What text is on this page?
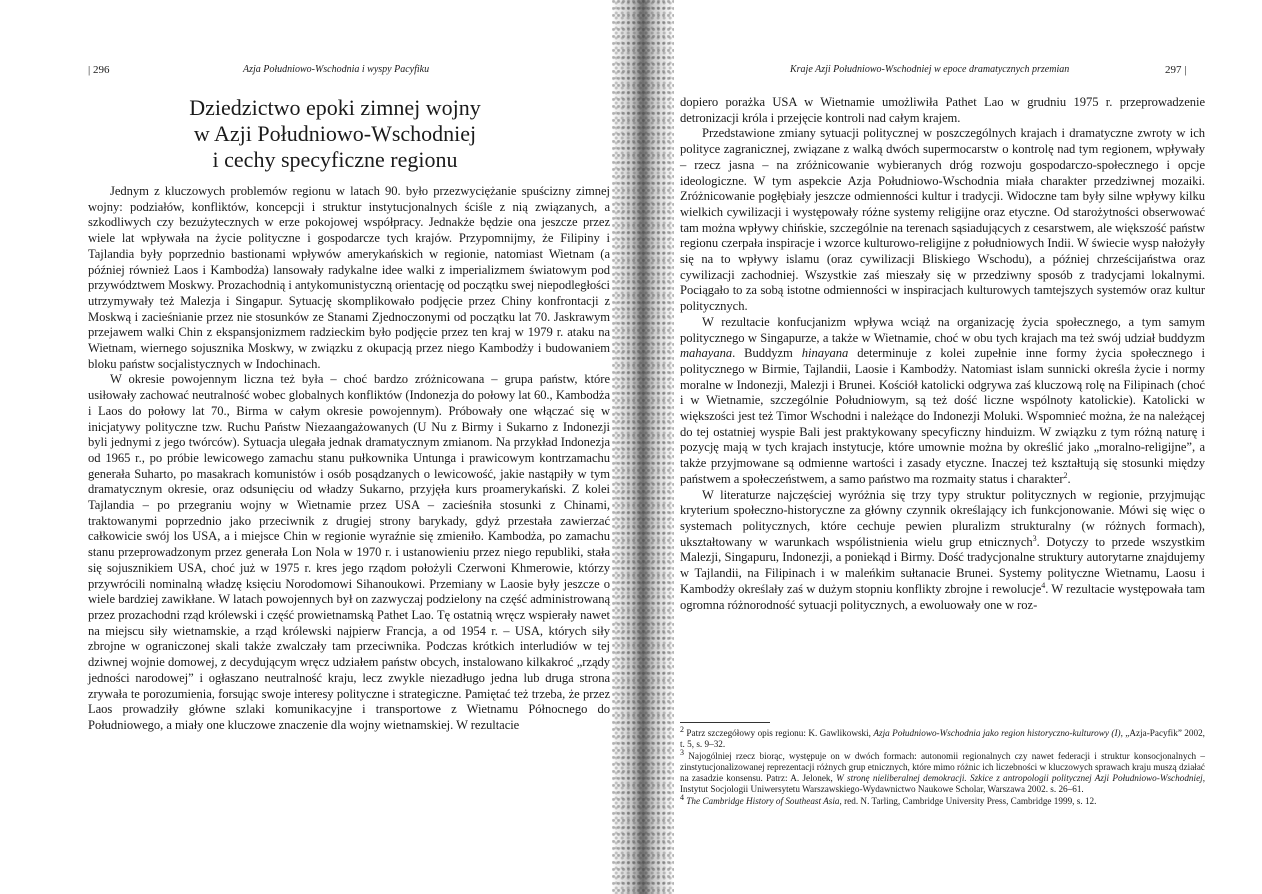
| 296	Azja Południowo-Wschodnia i wyspy Pacyfiku
Dziedzictwo epoki zimnej wojny
w Azji Południowo-Wschodniej
i cechy specyficzne regionu

Jednym z kluczowych problemów regionu w latach 90. było przezwyciężanie spuścizny zimnej wojny: podziałów, konfliktów, koncepcji i struktur instytucjonalnych ściśle z nią związanych, a szkodliwych czy bezużytecznych w erze pokojowej współpracy. Jednakże będzie ona jeszcze przez wiele lat wpływała na życie polityczne i gospodarcze tych krajów. Przypomnijmy, że Filipiny i Tajlandia były poprzednio bastionami wpływów amerykańskich w regionie, natomiast Wietnam (a później również Laos i Kambodża) lansowały radykalne idee walki z imperializmem światowym pod przywództwem Moskwy. Prozachodnią i antykomunistyczną orientację od początku swej niepodległości utrzymywały też Malezja i Singapur. Sytuację skomplikowało podjęcie przez Chiny konfrontacji z Moskwą i zacieśnianie przez nie stosunków ze Stanami Zjednoczonymi od początku lat 70. Jaskrawym przejawem walki Chin z ekspansjonizmem radzieckim było podjęcie przez ten kraj w 1979 r. ataku na Wietnam, wiernego sojusznika Moskwy, w związku z okupacją przez niego Kambodży i budowaniem bloku państw socjalistycznych w Indochinach.

W okresie powojennym liczna też była – choć bardzo zróżnicowana – grupa państw, które usiłowały zachować neutralność wobec globalnych konfliktów (Indonezja do połowy lat 60., Kambodża i Laos do połowy lat 70., Birma w całym okresie powojennym). Próbowały one włączać się w inicjatywy polityczne tzw. Ruchu Państw Niezaangażowanych (U Nu z Birmy i Sukarno z Indonezji byli jednymi z jego twórców). Sytuacja ulegała jednak dramatycznym zmianom. Na przykład Indonezja od 1965 r., po próbie lewicowego zamachu stanu pułkownika Untunga i prawicowym kontrzamachu generała Suharto, po masakrach komunistów i osób posądzanych o lewicowość, jakie nastąpiły w tym dramatycznym okresie, oraz odsunięciu od władzy Sukarno, przyjęła kurs proamerykański. Z kolei Tajlandia – po przegraniu wojny w Wietnamie przez USA – zacieśniła stosunki z Chinami, traktowanymi poprzednio jako przeciwnik z drugiej strony barykady, gdyż przestała zawierzać całkowicie swój los USA, a i miejsce Chin w regionie wyraźnie się zmieniło. Kambodża, po zamachu stanu przeprowadzonym przez generała Lon Nola w 1970 r. i ustanowieniu przez niego republiki, stała się sojusznikiem USA, choć już w 1975 r. kres jego rządom położyli Czerwoni Khmerowie, którzy przywrócili nominalną władzę księciu Norodomowi Sihanoukowi. Przemiany w Laosie były jeszcze o wiele bardziej zawikłane. W latach powojennych był on zazwyczaj podzielony na część administrowaną przez prozachodni rząd królewski i część prowietnamską Pathet Lao. Tę ostatnią wręcz wspierały nawet na miejscu siły wietnamskie, a rząd królewski najpierw Francja, a od 1954 r. – USA, których siły zbrojne w ograniczonej skali także zwalczały tam przeciwnika. Podczas krótkich interludiów w tej dziwnej wojnie domowej, z decydującym wręcz udziałem państw obcych, instalowano kilkakroć „rządy jedności narodowej” i ogłaszano neutralność kraju, lecz zwykle niezadługo jedna lub druga strona zrywała te porozumienia, forsując swoje interesy polityczne i strategiczne. Pamiętać też trzeba, że przez Laos prowadziły główne szlaki komunikacyjne i transportowe z Wietnamu Północnego do Południowego, a miały one kluczowe znaczenie dla wojny wietnamskiej. W rezultacie

Kraje Azji Południowo-Wschodniej w epoce dramatycznych przemian	297 |

dopiero porażka USA w Wietnamie umożliwiła Pathet Lao w grudniu 1975 r. przeprowadzenie detronizacji króla i przejęcie kontroli nad całym krajem.

Przedstawione zmiany sytuacji politycznej w poszczególnych krajach i dramatyczne zwroty w ich polityce zagranicznej, związane z walką dwóch supermocarstw o kontrolę nad tym regionem, wpływały – rzecz jasna – na zróżnicowanie wybieranych dróg rozwoju gospodarczo-społecznego i opcje ideologiczne. W tym aspekcie Azja Południowo-Wschodnia miała charakter przedziwnej mozaiki. Zróżnicowanie pogłębiały jeszcze odmienności kultur i tradycji. Widoczne tam były silne wpływy kilku wielkich cywilizacji i występowały różne systemy religijne oraz etyczne. Od starożytności obserwować tam można wpływy chińskie, szczególnie na terenach sąsiadujących z cesarstwem, ale większość państw regionu czerpała inspiracje i wzorce kulturowo-religijne z południowych Indii. W świecie wysp nałożyły się na to wpływy islamu (oraz cywilizacji Bliskiego Wschodu), a później chrześcijaństwa oraz cywilizacji zachodniej. Wszystkie zaś mieszały się w przedziwny sposób z tradycjami lokalnymi. Pociągało to za sobą istotne odmienności w inspiracjach kulturowych tamtejszych systemów oraz kultur politycznych.

W rezultacie konfucjanizm wpływa wciąż na organizację życia społecznego, a tym samym politycznego w Singapurze, a także w Wietnamie, choć w obu tych krajach ma też swój udział buddyzm mahayana. Buddyzm hinayana determinuje z kolei zupełnie inne formy życia społecznego i politycznego w Birmie, Tajlandii, Laosie i Kambodży. Natomiast islam sunnicki określa życie i normy moralne w Indonezji, Malezji i Brunei. Kościół katolicki odgrywa zaś kluczową rolę na Filipinach (choć i w Wietnamie, szczególnie Południowym, są też dość liczne wspólnoty katolickie). Katolicki w większości jest też Timor Wschodni i należące do Indonezji Moluki. Wspomnieć można, że na należącej do tej ostatniej wyspie Bali jest praktykowany specyficzny hinduizm. W związku z tym różną naturę i pozycję mają w tych krajach instytucje, które umownie można by określić jako „moralno-religijne”, a także przyjmowane są odmienne wartości i zasady etyczne. Inaczej też kształtują się stosunki między państwem a społeczeństwem, a samo państwo ma rozmaity status i charakter$^2$.

W literaturze najczęściej wyróżnia się trzy typy struktur politycznych w regionie, przyjmując kryterium społeczno-historyczne za główny czynnik określający ich funkcjonowanie. Mówi się więc o systemach politycznych, które cechuje pewien pluralizm strukturalny (w różnych formach), ukształtowany w warunkach wspólistnienia wielu grup etnicznych$^3$. Dotyczy to przede wszystkim Malezji, Singapuru, Indonezji, a poniekąd i Birmy. Dość tradycjonalne struktury autorytarne znajdujemy w Tajlandii, na Filipinach i w maleńkim sułtanacie Brunei. Systemy polityczne Wietnamu, Laosu i Kambodży określały zaś w dużym stopniu konflikty zbrojne i rewolucje$^4$. W rezultacie występowała tam ogromna różnorodność sytuacji politycznych, a ewoluowały one w roz-

$^2$ Patrz szczegółowy opis regionu: K. Gawlikowski, Azja Południowo-Wschodnia jako region historyczno-kulturowy (I), „Azja-Pacyfik” 2002, t. 5, s. 9–32.

$^3$ Najogólniej rzecz biorąc, występuje on w dwóch formach: autonomii regionalnych czy nawet federacji i struktur konsocjonalnych – zinstytucjonalizowanej reprezentacji różnych grup etnicznych, które mimo różnic ich liczebności w kluczowych sprawach kraju muszą działać na zasadzie konsensu. Patrz: A. Jelonek, W stronę nieliberalnej demokracji. Szkice z antropologii politycznej Azji Południowo-Wschodniej, Instytut Socjologii Uniwersytetu Warszawskiego-Wydawnictwo Naukowe Scholar, Warszawa 2002. s. 26–61.

$^4$ The Cambridge History of Southeast Asia, red. N. Tarling, Cambridge University Press, Cambridge 1999, s. 12.
